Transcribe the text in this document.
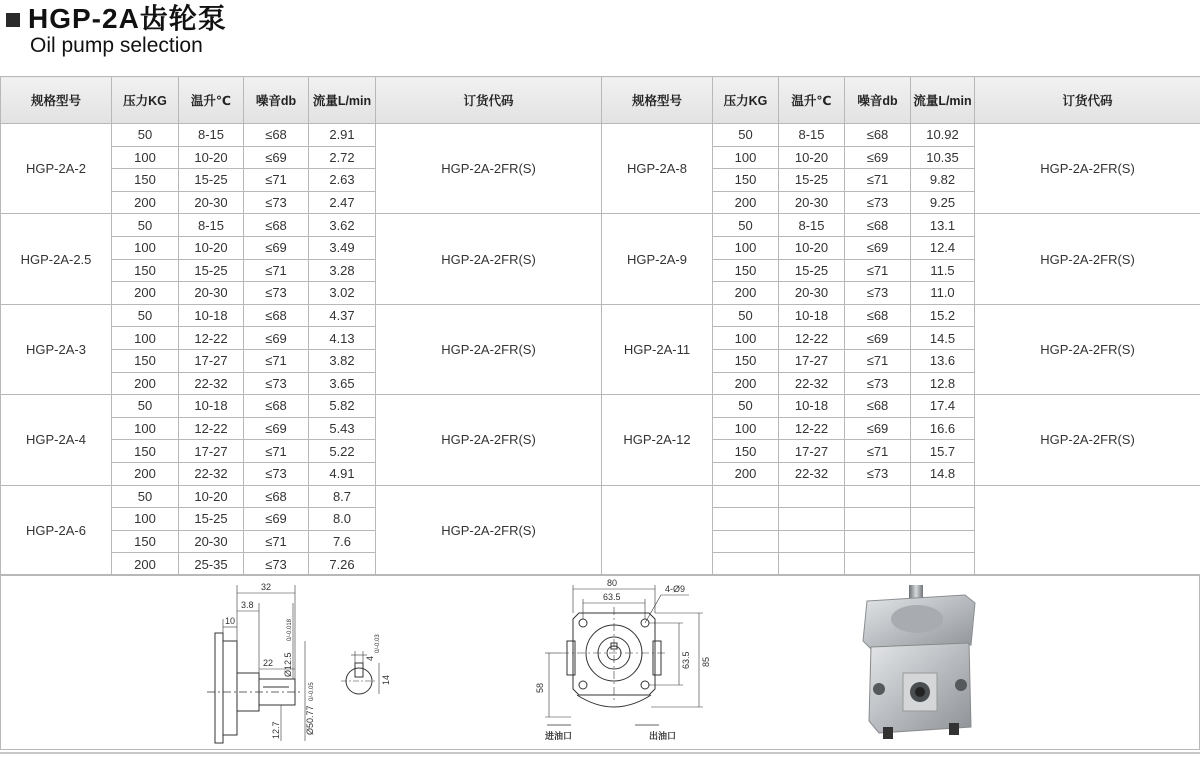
HGP-2A齿轮泵
Oil pump selection
规格型号	压力KG	温升℃	噪音db	流量L/min	订货代码	规格型号	压力KG	温升℃	噪音db	流量L/min	订货代码
HGP-2A-2	50	8-15	≤68	2.91	HGP-2A-2FR(S)	HGP-2A-8	50	8-15	≤68	10.92	HGP-2A-2FR(S)
	100	10-20	≤69	2.72			100	10-20	≤69	10.35	
	150	15-25	≤71	2.63			150	15-25	≤71	9.82	
	200	20-30	≤73	2.47			200	20-30	≤73	9.25	
HGP-2A-2.5	50	8-15	≤68	3.62	HGP-2A-2FR(S)	HGP-2A-9	50	8-15	≤68	13.1	HGP-2A-2FR(S)
	100	10-20	≤69	3.49			100	10-20	≤69	12.4	
	150	15-25	≤71	3.28			150	15-25	≤71	11.5	
	200	20-30	≤73	3.02			200	20-30	≤73	11.0	
HGP-2A-3	50	10-18	≤68	4.37	HGP-2A-2FR(S)	HGP-2A-11	50	10-18	≤68	15.2	HGP-2A-2FR(S)
	100	12-22	≤69	4.13			100	12-22	≤69	14.5	
	150	17-27	≤71	3.82			150	17-27	≤71	13.6	
	200	22-32	≤73	3.65			200	22-32	≤73	12.8	
HGP-2A-4	50	10-18	≤68	5.82	HGP-2A-2FR(S)	HGP-2A-12	50	10-18	≤68	17.4	HGP-2A-2FR(S)
	100	12-22	≤69	5.43			100	12-22	≤69	16.6	
	150	17-27	≤71	5.22			150	17-27	≤71	15.7	
	200	22-32	≤73	4.91			200	22-32	≤73	14.8	
HGP-2A-6	50	10-20	≤68	8.7	HGP-2A-2FR(S)						
	100	15-25	≤69	8.0							
	150	20-30	≤71	7.6							
	200	25-35	≤73	7.26							
32
3.8
10
22 Ø12.5
0/-0.018
Ø50.77
0/-0.05
12.7
4
0/-0.03
14
80
63.5
4-Ø9
63.5 85
58
进油口	出油口
